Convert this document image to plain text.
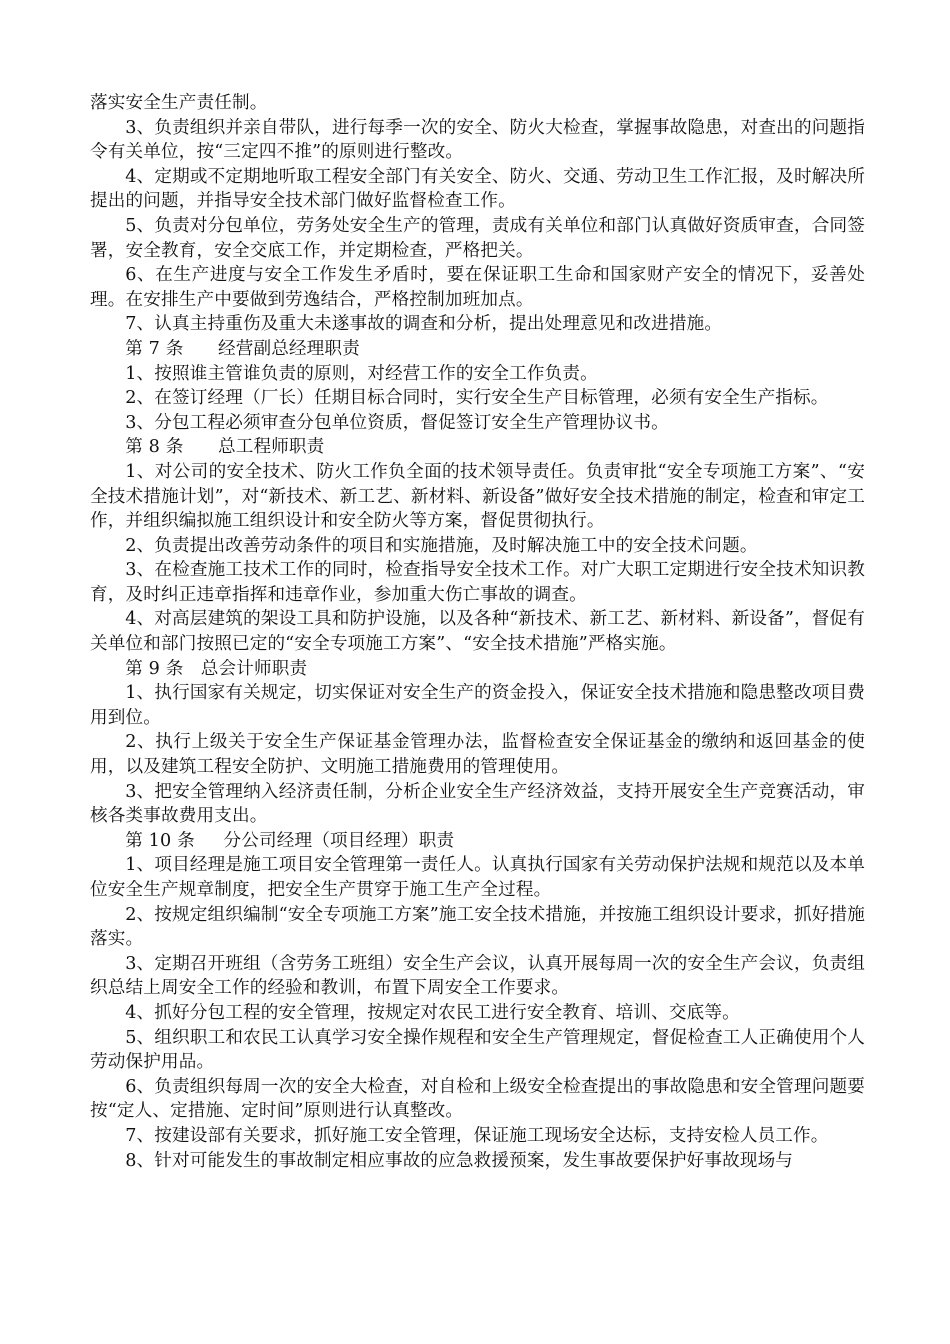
落实安全生产责任制。

3、负责组织并亲自带队，进行每季一次的安全、防火大检查，掌握事故隐患，对查出的问题指令有关单位，按“三定四不推”的原则进行整改。

4、定期或不定期地听取工程安全部门有关安全、防火、交通、劳动卫生工作汇报，及时解决所提出的问题，并指导安全技术部门做好监督检查工作。

5、负责对分包单位，劳务处安全生产的管理，责成有关单位和部门认真做好资质审查，合同签署，安全教育，安全交底工作，并定期检查，严格把关。

6、在生产进度与安全工作发生矛盾时，要在保证职工生命和国家财产安全的情况下，妥善处理。在安排生产中要做到劳逸结合，严格控制加班加点。

7、认真主持重伤及重大未遂事故的调查和分析，提出处理意见和改进措施。

第 7 条      经营副总经理职责

1、按照谁主管谁负责的原则，对经营工作的安全工作负责。

2、在签订经理（厂长）任期目标合同时，实行安全生产目标管理，必须有安全生产指标。

3、分包工程必须审查分包单位资质，督促签订安全生产管理协议书。

第 8 条      总工程师职责

1、对公司的安全技术、防火工作负全面的技术领导责任。负责审批“安全专项施工方案”、“安全技术措施计划”，对“新技术、新工艺、新材料、新设备”做好安全技术措施的制定，检查和审定工作，并组织编拟施工组织设计和安全防火等方案，督促贯彻执行。

2、负责提出改善劳动条件的项目和实施措施，及时解决施工中的安全技术问题。

3、在检查施工技术工作的同时，检查指导安全技术工作。对广大职工定期进行安全技术知识教育，及时纠正违章指挥和违章作业，参加重大伤亡事故的调查。

4、对高层建筑的架设工具和防护设施，以及各种“新技术、新工艺、新材料、新设备”，督促有关单位和部门按照已定的“安全专项施工方案”、“安全技术措施”严格实施。

第 9 条   总会计师职责

1、执行国家有关规定，切实保证对安全生产的资金投入，保证安全技术措施和隐患整改项目费用到位。

2、执行上级关于安全生产保证基金管理办法，监督检查安全保证基金的缴纳和返回基金的使用，以及建筑工程安全防护、文明施工措施费用的管理使用。

3、把安全管理纳入经济责任制，分析企业安全生产经济效益，支持开展安全生产竞赛活动，审核各类事故费用支出。

第 10 条     分公司经理（项目经理）职责

1、项目经理是施工项目安全管理第一责任人。认真执行国家有关劳动保护法规和规范以及本单位安全生产规章制度，把安全生产贯穿于施工生产全过程。

2、按规定组织编制“安全专项施工方案”施工安全技术措施，并按施工组织设计要求，抓好措施落实。

3、定期召开班组（含劳务工班组）安全生产会议，认真开展每周一次的安全生产会议，负责组织总结上周安全工作的经验和教训，布置下周安全工作要求。

4、抓好分包工程的安全管理，按规定对农民工进行安全教育、培训、交底等。

5、组织职工和农民工认真学习安全操作规程和安全生产管理规定，督促检查工人正确使用个人劳动保护用品。

6、负责组织每周一次的安全大检查，对自检和上级安全检查提出的事故隐患和安全管理问题要按“定人、定措施、定时间”原则进行认真整改。

7、按建设部有关要求，抓好施工安全管理，保证施工现场安全达标，支持安检人员工作。

8、针对可能发生的事故制定相应事故的应急救援预案，发生事故要保护好事故现场与
